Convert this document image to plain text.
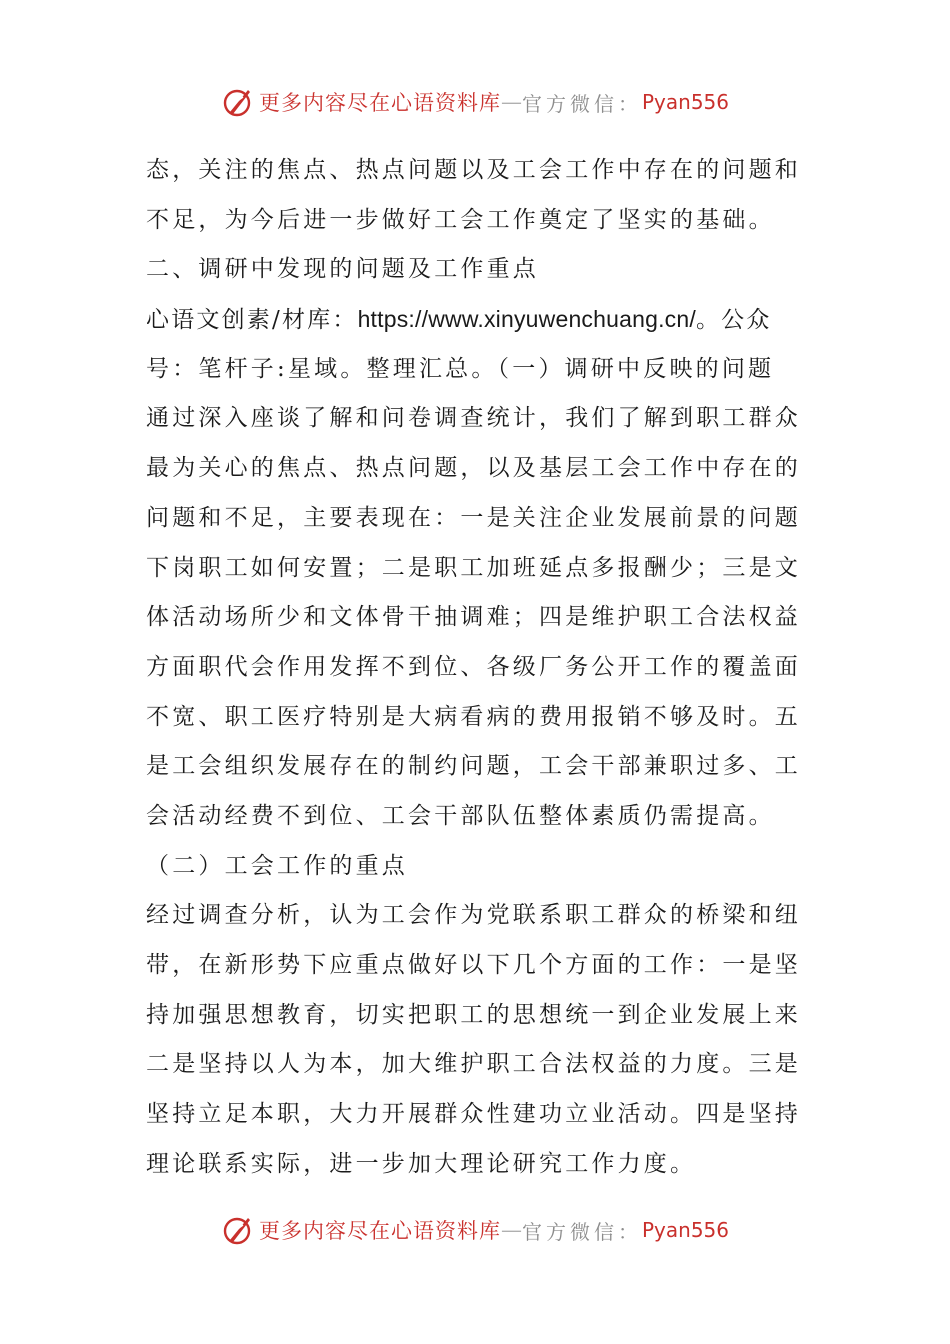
更多内容尽在心语资料库 — 官方微信： Pyan556
态，关注的焦点、热点问题以及工会工作中存在的问题和
不足，为今后进一步做好工会工作奠定了坚实的基础。
二、调研中发现的问题及工作重点
心语文创素/材库：https://www.xinyuwenchuang.cn/。公众
号：笔杆子:星域。整理汇总。（一）调研中反映的问题
通过深入座谈了解和问卷调查统计，我们了解到职工群众
最为关心的焦点、热点问题，以及基层工会工作中存在的
问题和不足，主要表现在：一是关注企业发展前景的问题
下岗职工如何安置；二是职工加班延点多报酬少；三是文
体活动场所少和文体骨干抽调难；四是维护职工合法权益
方面职代会作用发挥不到位、各级厂务公开工作的覆盖面
不宽、职工医疗特别是大病看病的费用报销不够及时。五
是工会组织发展存在的制约问题，工会干部兼职过多、工
会活动经费不到位、工会干部队伍整体素质仍需提高。
（二）工会工作的重点
经过调查分析，认为工会作为党联系职工群众的桥梁和纽
带，在新形势下应重点做好以下几个方面的工作：一是坚
持加强思想教育，切实把职工的思想统一到企业发展上来
二是坚持以人为本，加大维护职工合法权益的力度。三是
坚持立足本职，大力开展群众性建功立业活动。四是坚持
理论联系实际，进一步加大理论研究工作力度。
更多内容尽在心语资料库 — 官方微信： Pyan556
